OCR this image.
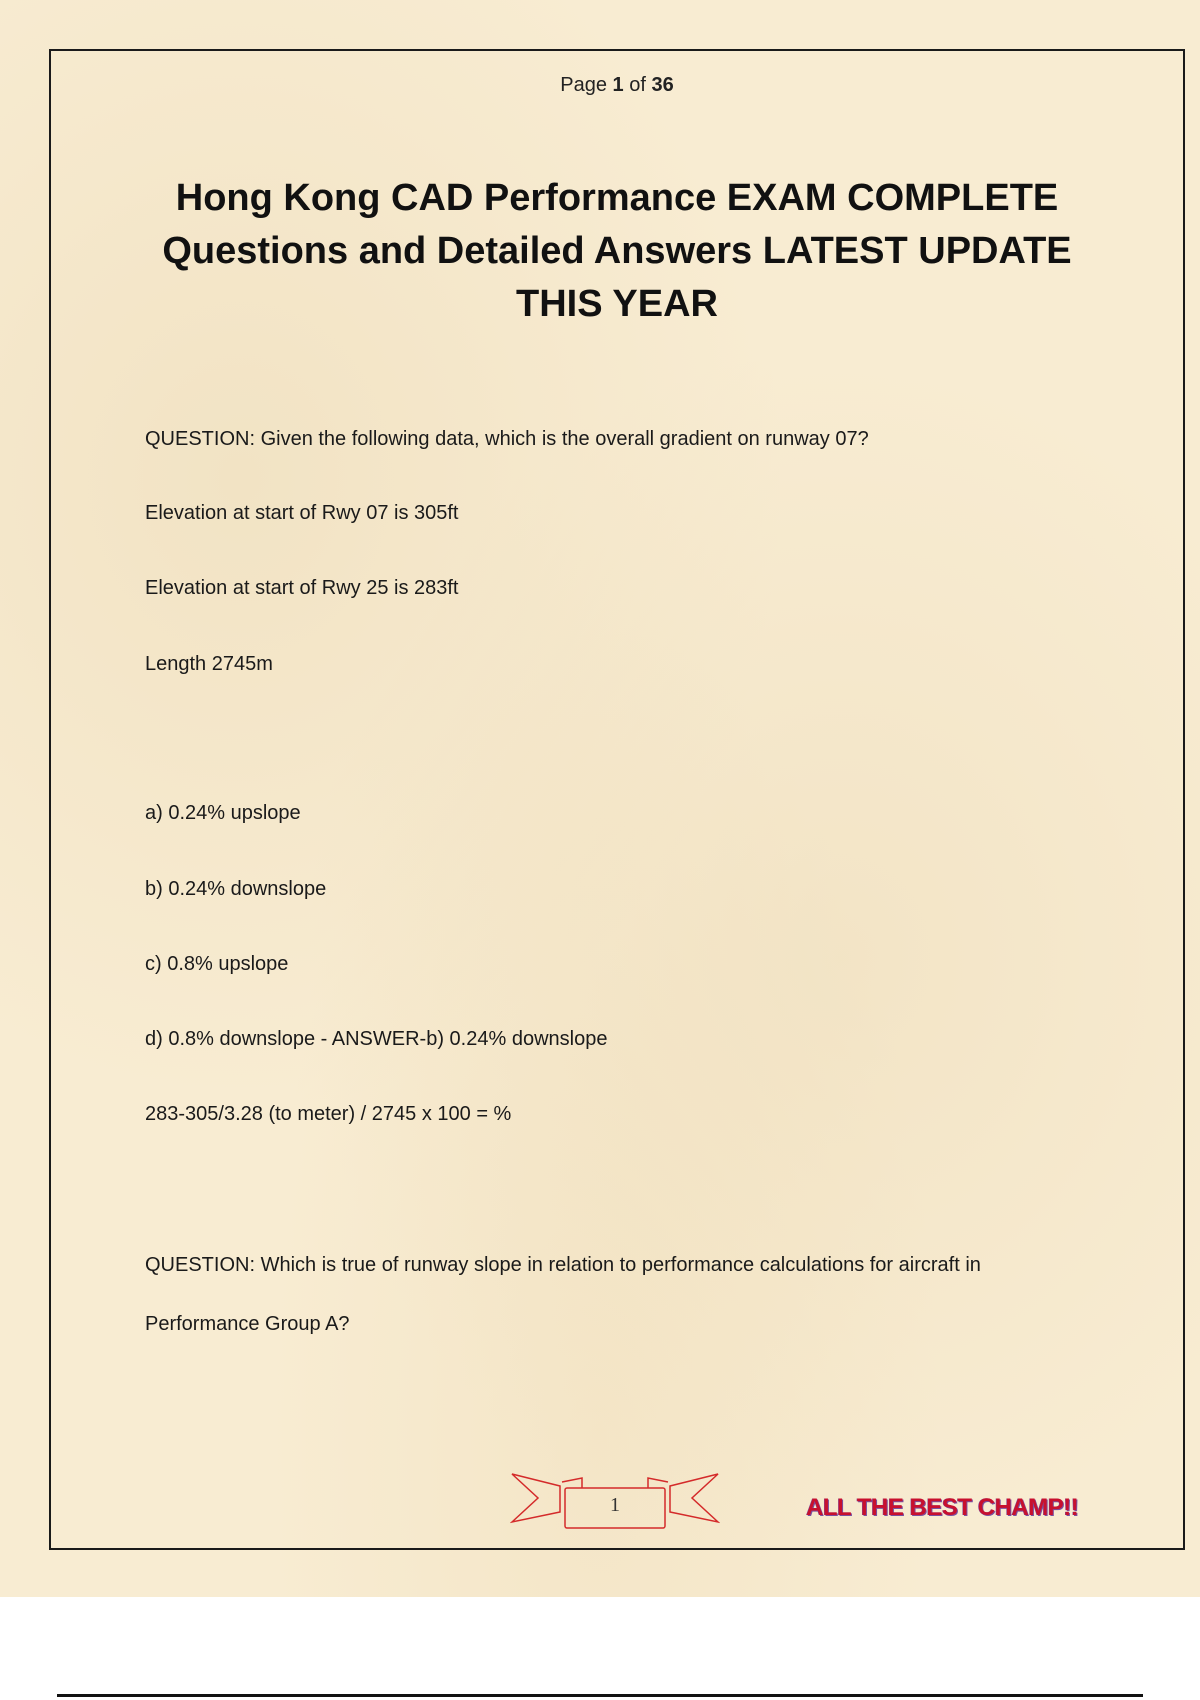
Page 1 of 36
Hong Kong CAD Performance EXAM COMPLETE
Questions and Detailed Answers LATEST UPDATE
THIS YEAR
QUESTION: Given the following data, which is the overall gradient on runway 07?
Elevation at start of Rwy 07 is 305ft
Elevation at start of Rwy 25 is 283ft
Length 2745m
a) 0.24% upslope
b) 0.24% downslope
c) 0.8% upslope
d) 0.8% downslope - ANSWER-b) 0.24% downslope
283-305/3.28 (to meter) / 2745 x 100 = %
QUESTION: Which is true of runway slope in relation to performance calculations for aircraft in
Performance Group A?
1	ALL THE BEST CHAMP!!
